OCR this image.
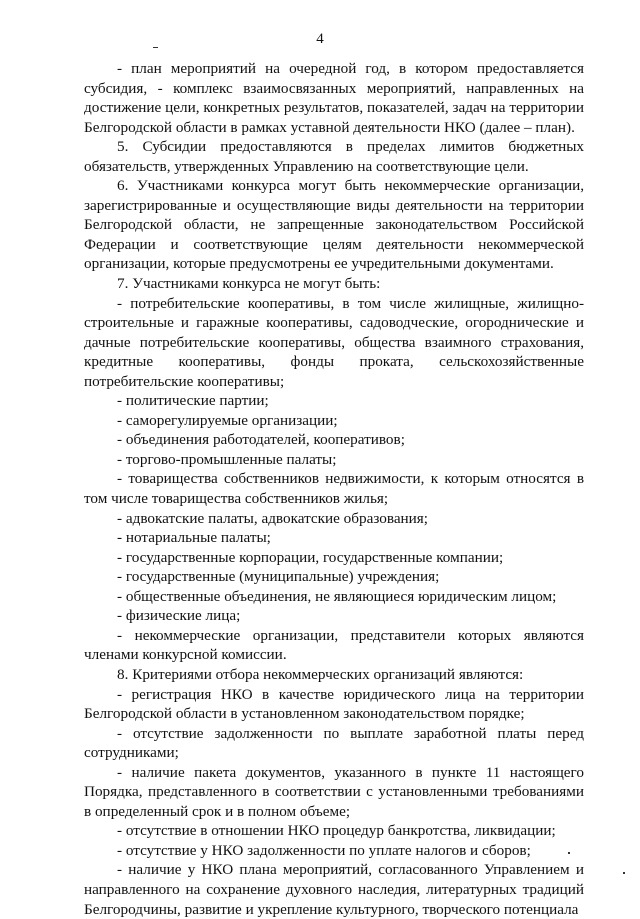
4

- план мероприятий на очередной год, в котором предоставляется субсидия, - комплекс взаимосвязанных мероприятий, направленных на достижение цели, конкретных результатов, показателей, задач на территории Белгородской области в рамках уставной деятельности НКО (далее – план).

5. Субсидии предоставляются в пределах лимитов бюджетных обязательств, утвержденных Управлению на соответствующие цели.

6. Участниками конкурса могут быть некоммерческие организации, зарегистрированные и осуществляющие виды деятельности на территории Белгородской области, не запрещенные законодательством Российской Федерации и соответствующие целям деятельности некоммерческой организации, которые предусмотрены ее учредительными документами.

7. Участниками конкурса не могут быть:

- потребительские кооперативы, в том числе жилищные, жилищно-строительные и гаражные кооперативы, садоводческие, огороднические и дачные потребительские кооперативы, общества взаимного страхования, кредитные кооперативы, фонды проката, сельскохозяйственные потребительские кооперативы;

- политические партии;

- саморегулируемые организации;

- объединения работодателей, кооперативов;

- торгово-промышленные палаты;

- товарищества собственников недвижимости, к которым относятся в том числе товарищества собственников жилья;

- адвокатские палаты, адвокатские образования;

- нотариальные палаты;

- государственные корпорации, государственные компании;

- государственные (муниципальные) учреждения;

- общественные объединения, не являющиеся юридическим лицом;

- физические лица;

- некоммерческие организации, представители которых являются членами конкурсной комиссии.

8. Критериями отбора некоммерческих организаций являются:

- регистрация НКО в качестве юридического лица на территории Белгородской области в установленном законодательством порядке;

- отсутствие задолженности по выплате заработной платы перед сотрудниками;

- наличие пакета документов, указанного в пункте 11 настоящего Порядка, представленного в соответствии с установленными требованиями в определенный срок и в полном объеме;

- отсутствие в отношении НКО процедур банкротства, ликвидации;

- отсутствие у НКО задолженности по уплате налогов и сборов;

- наличие у НКО плана мероприятий, согласованного Управлением и направленного на сохранение духовного наследия, литературных традиций Белгородчины, развитие и укрепление культурного, творческого потенциала
